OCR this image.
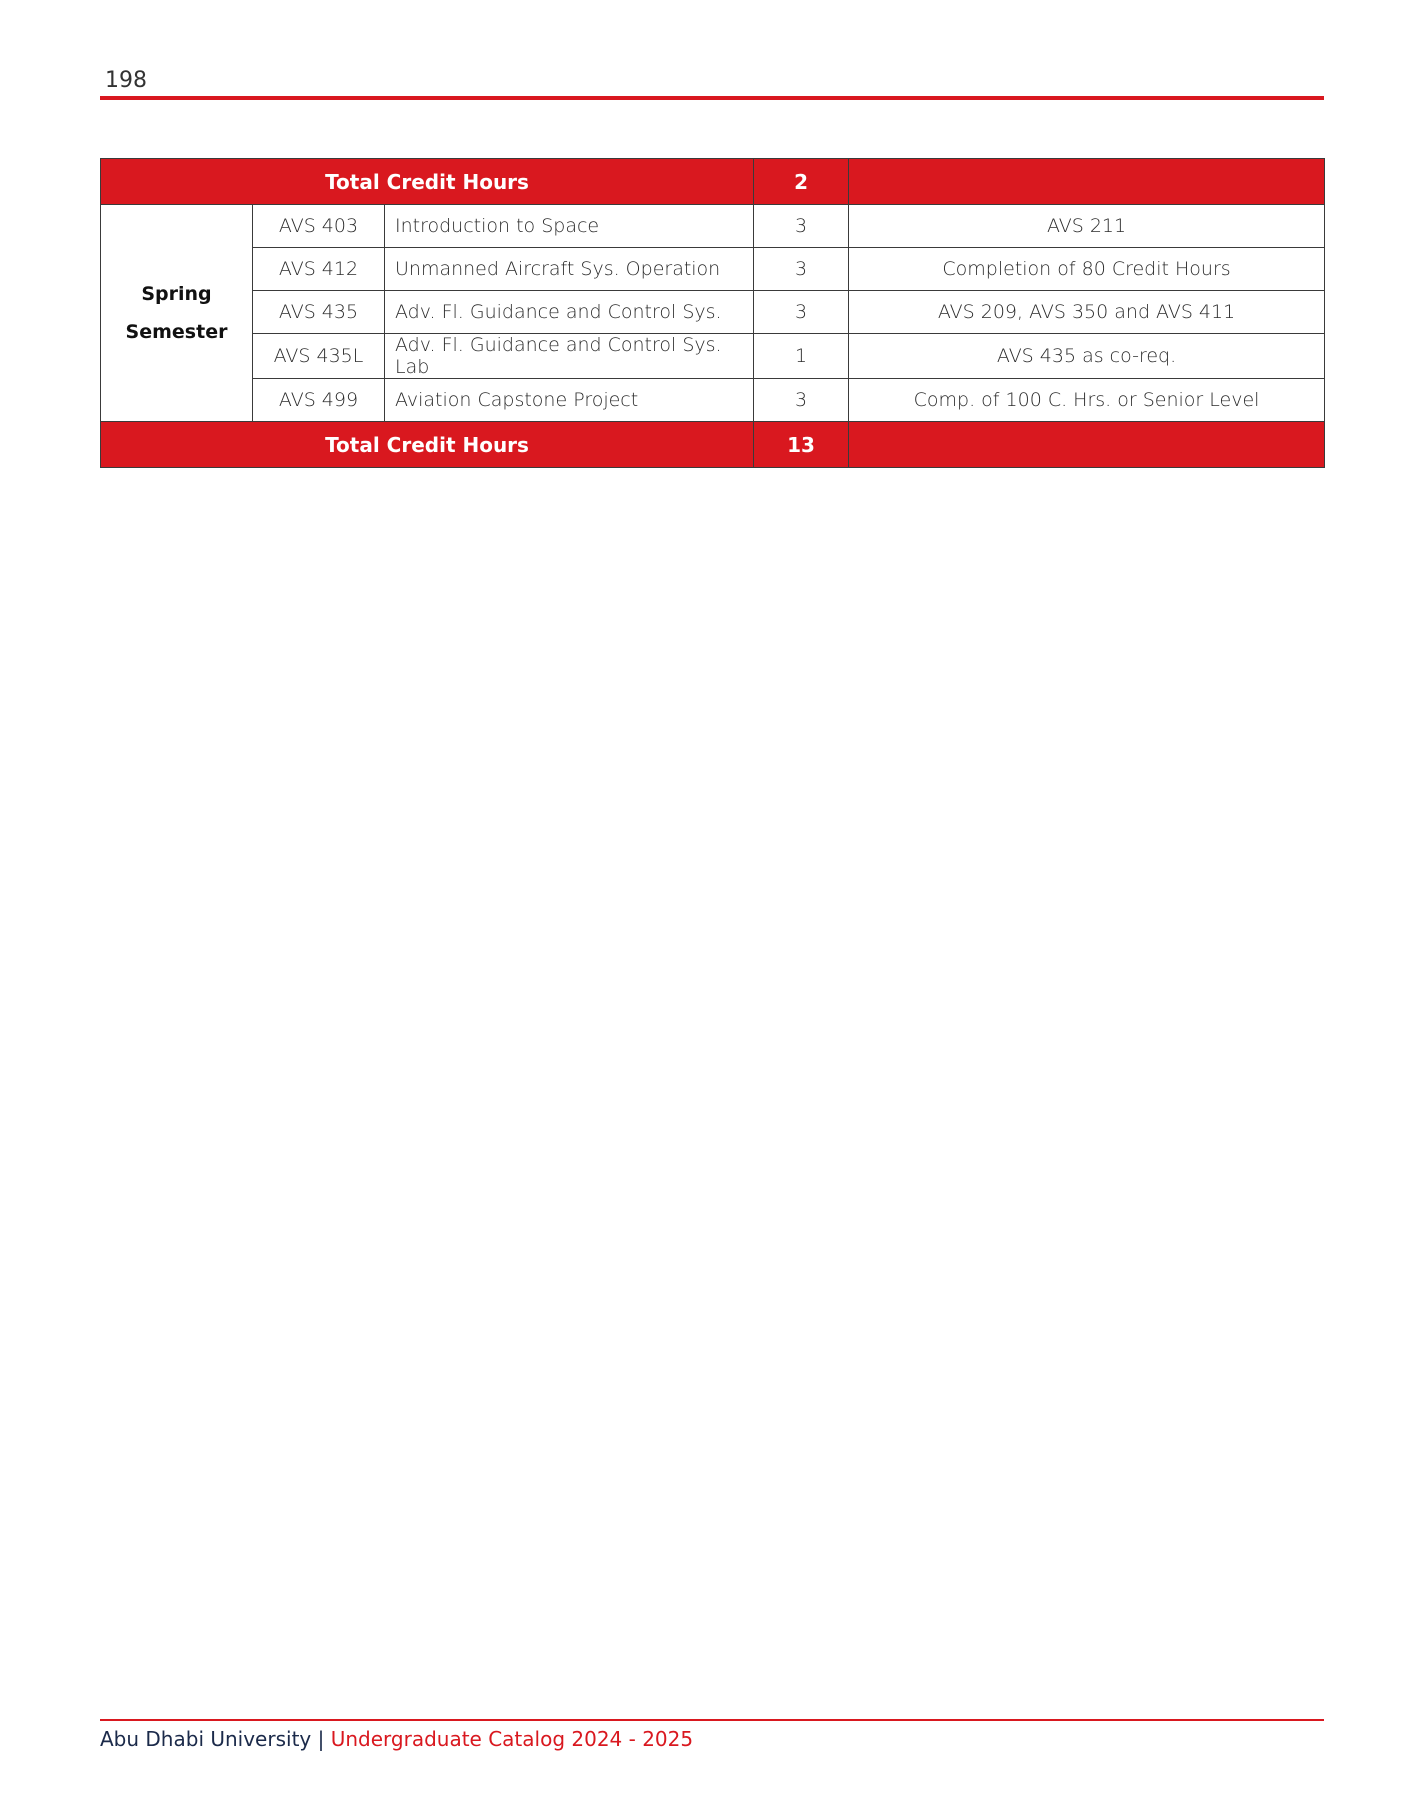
198
Total Credit Hours			2	
Spring
Semester	AVS 403	Introduction to Space	3	AVS 211
	AVS 412	Unmanned Aircraft Sys. Operation	3	Completion of 80 Credit Hours
	AVS 435	Adv. Fl. Guidance and Control Sys.	3	AVS 209, AVS 350 and AVS 411
	AVS 435L	Adv. Fl. Guidance and Control Sys. Lab	1	AVS 435 as co-req.
	AVS 499	Aviation Capstone Project	3	Comp. of 100 C. Hrs. or Senior Level
Total Credit Hours			13	
Abu Dhabi University | Undergraduate Catalog 2024 - 2025
